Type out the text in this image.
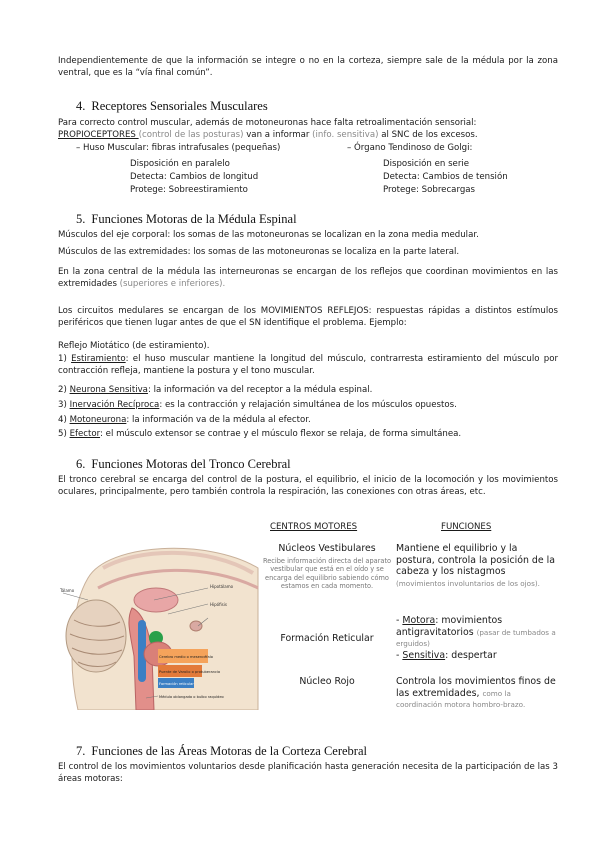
Independientemente de que la información se integre o no en la corteza, siempre sale de la médula por la zona ventral, que es la “vía final común”.
4. Receptores Sensoriales Musculares
Para correcto control muscular, además de motoneuronas hace falta retroalimentación sensorial:
PROPIOCEPTORES (control de las posturas) van a informar (info. sensitiva) al SNC de los excesos.
– Huso Muscular: fibras intrafusales (pequeñas)
Disposición en paralelo
Detecta: Cambios de longitud
Protege: Sobreestiramiento
– Órgano Tendinoso de Golgi:
Disposición en serie
Detecta: Cambios de tensión
Protege: Sobrecargas
5. Funciones Motoras de la Médula Espinal
Músculos del eje corporal: los somas de las motoneuronas se localizan en la zona media medular.
Músculos de las extremidades: los somas de las motoneuronas se localiza en la parte lateral.
En la zona central de la médula las interneuronas se encargan de los reflejos que coordinan movimientos en las extremidades (superiores e inferiores).
Los circuitos medulares se encargan de los MOVIMIENTOS REFLEJOS: respuestas rápidas a distintos estímulos periféricos que tienen lugar antes de que el SN identifique el problema. Ejemplo:
Reflejo Miotático (de estiramiento).
1) Estiramiento: el huso muscular mantiene la longitud del músculo, contrarresta estiramiento del músculo por contracción refleja, mantiene la postura y el tono muscular.
2) Neurona Sensitiva: la información va del receptor a la médula espinal.
3) Inervación Recíproca: es la contracción y relajación simultánea de los músculos opuestos.
4) Motoneurona: la información va de la médula al efector.
5) Efector: el músculo extensor se contrae y el músculo flexor se relaja, de forma simultánea.
6. Funciones Motoras del Tronco Cerebral
El tronco cerebral se encarga del control de la postura, el equilibrio, el inicio de la locomoción y los movimientos oculares, principalmente, pero también controla la respiración, las conexiones con otras áreas, etc.
Tálamo
Hipotálamo
Hipófisis
Cerebro medio o mesencéfalo
Puente de Varolio o protuberancia
Formación reticular
Médula oblongada o bulbo raquídeo
CENTROS MOTORES	FUNCIONES
Núcleos Vestibulares
Recibe información directa del aparato vestibular que está en el oído y se encarga del equilibrio sabiendo cómo estamos en cada momento.
Mantiene el equilibrio y la postura, controla la posición de la cabeza y los nistagmos
(movimientos involuntarios de los ojos).
Formación Reticular
- Motora: movimientos antigravitatorios (pasar de tumbados a erguidos)
- Sensitiva: despertar
Núcleo Rojo	Controla los movimientos finos de las extremidades, como la coordinación motora hombro-brazo.
7. Funciones de las Áreas Motoras de la Corteza Cerebral
El control de los movimientos voluntarios desde planificación hasta generación necesita de la participación de las 3 áreas motoras:
